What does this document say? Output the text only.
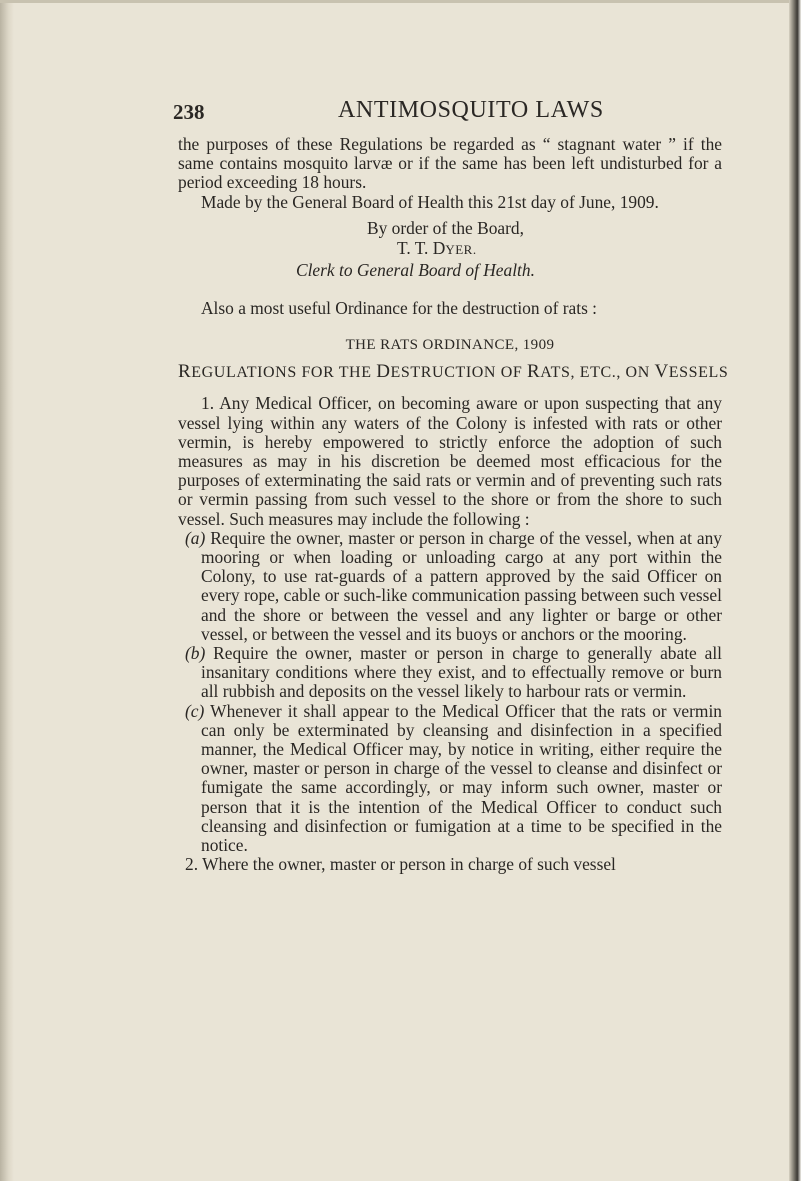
238	ANTIMOSQUITO LAWS

the purposes of these Regulations be regarded as “ stagnant water ” if the same contains mosquito larvæ or if the same has been left undisturbed for a period exceeding 18 hours.

Made by the General Board of Health this 21st day of June, 1909.

By order of the Board,
T. T. DYER.
Clerk to General Board of Health.

Also a most useful Ordinance for the destruction of rats :

THE RATS ORDINANCE, 1909

REGULATIONS FOR THE DESTRUCTION OF RATS, ETC., ON VESSELS

1. Any Medical Officer, on becoming aware or upon suspecting that any vessel lying within any waters of the Colony is infested with rats or other vermin, is hereby empowered to strictly enforce the adoption of such measures as may in his discretion be deemed most efficacious for the purposes of exterminating the said rats or vermin and of preventing such rats or vermin passing from such vessel to the shore or from the shore to such vessel. Such measures may include the following :

(a) Require the owner, master or person in charge of the vessel, when at any mooring or when loading or unloading cargo at any port within the Colony, to use rat-guards of a pattern approved by the said Officer on every rope, cable or such-like communication passing between such vessel and the shore or between the vessel and any lighter or barge or other vessel, or between the vessel and its buoys or anchors or the mooring.

(b) Require the owner, master or person in charge to generally abate all insanitary conditions where they exist, and to effectually remove or burn all rubbish and deposits on the vessel likely to harbour rats or vermin.

(c) Whenever it shall appear to the Medical Officer that the rats or vermin can only be exterminated by cleansing and disinfection in a specified manner, the Medical Officer may, by notice in writing, either require the owner, master or person in charge of the vessel to cleanse and disinfect or fumigate the same accordingly, or may inform such owner, master or person that it is the intention of the Medical Officer to conduct such cleansing and disinfection or fumigation at a time to be specified in the notice.

2. Where the owner, master or person in charge of such vessel
